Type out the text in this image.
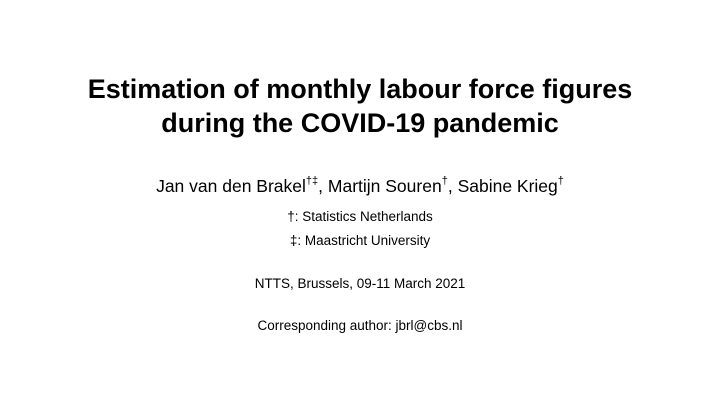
Estimation of monthly labour force figures
during the COVID-19 pandemic
Jan van den Brakel†‡, Martijn Souren†, Sabine Krieg†
†: Statistics Netherlands
‡: Maastricht University
NTTS, Brussels, 09-11 March 2021
Corresponding author: jbrl@cbs.nl
